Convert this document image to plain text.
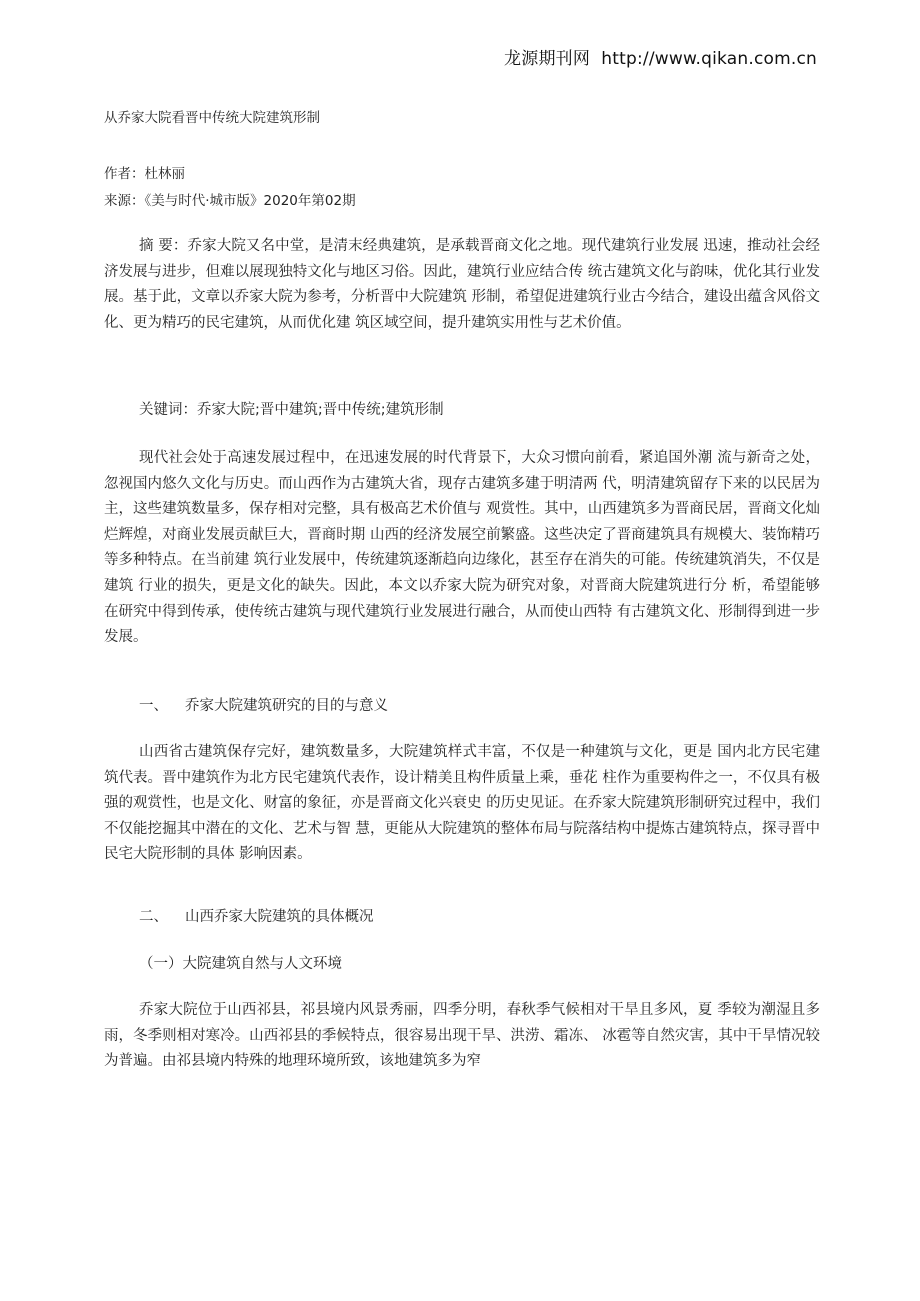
龙源期刊网 http://www.qikan.com.cn
从乔家大院看晋中传统大院建筑形制
作者：杜林丽
来源：《美与时代·城市版》2020年第02期

摘 要：乔家大院又名中堂，是清末经典建筑，是承载晋商文化之地。现代建筑行业发展 迅速，推动社会经济发展与进步，但难以展现独特文化与地区习俗。因此，建筑行业应结合传 统古建筑文化与韵味，优化其行业发展。基于此，文章以乔家大院为参考，分析晋中大院建筑 形制，希望促进建筑行业古今结合，建设出蕴含风俗文化、更为精巧的民宅建筑，从而优化建 筑区域空间，提升建筑实用性与艺术价值。

关键词：乔家大院;晋中建筑;晋中传统;建筑形制

现代社会处于高速发展过程中，在迅速发展的时代背景下，大众习惯向前看，紧追国外潮 流与新奇之处，忽视国内悠久文化与历史。而山西作为古建筑大省，现存古建筑多建于明清两 代，明清建筑留存下来的以民居为主，这些建筑数量多，保存相对完整，具有极高艺术价值与 观赏性。其中，山西建筑多为晋商民居，晋商文化灿烂辉煌，对商业发展贡献巨大，晋商时期 山西的经济发展空前繁盛。这些决定了晋商建筑具有规模大、装饰精巧等多种特点。在当前建 筑行业发展中，传统建筑逐渐趋向边缘化，甚至存在消失的可能。传统建筑消失，不仅是建筑 行业的损失，更是文化的缺失。因此，本文以乔家大院为研究对象，对晋商大院建筑进行分 析，希望能够在研究中得到传承，使传统古建筑与现代建筑行业发展进行融合，从而使山西特 有古建筑文化、形制得到进一步发展。

一、 乔家大院建筑研究的目的与意义

山西省古建筑保存完好，建筑数量多，大院建筑样式丰富，不仅是一种建筑与文化，更是 国内北方民宅建筑代表。晋中建筑作为北方民宅建筑代表作，设计精美且构件质量上乘，垂花 柱作为重要构件之一，不仅具有极强的观赏性，也是文化、财富的象征，亦是晋商文化兴衰史 的历史见证。在乔家大院建筑形制研究过程中，我们不仅能挖掘其中潜在的文化、艺术与智 慧，更能从大院建筑的整体布局与院落结构中提炼古建筑特点，探寻晋中民宅大院形制的具体 影响因素。

二、 山西乔家大院建筑的具体概况
（一）大院建筑自然与人文环境

乔家大院位于山西祁县，祁县境内风景秀丽，四季分明，春秋季气候相对干旱且多风，夏 季较为潮湿且多雨，冬季则相对寒冷。山西祁县的季候特点，很容易出现干旱、洪涝、霜冻、 冰雹等自然灾害，其中干旱情况较为普遍。由祁县境内特殊的地理环境所致，该地建筑多为窄
